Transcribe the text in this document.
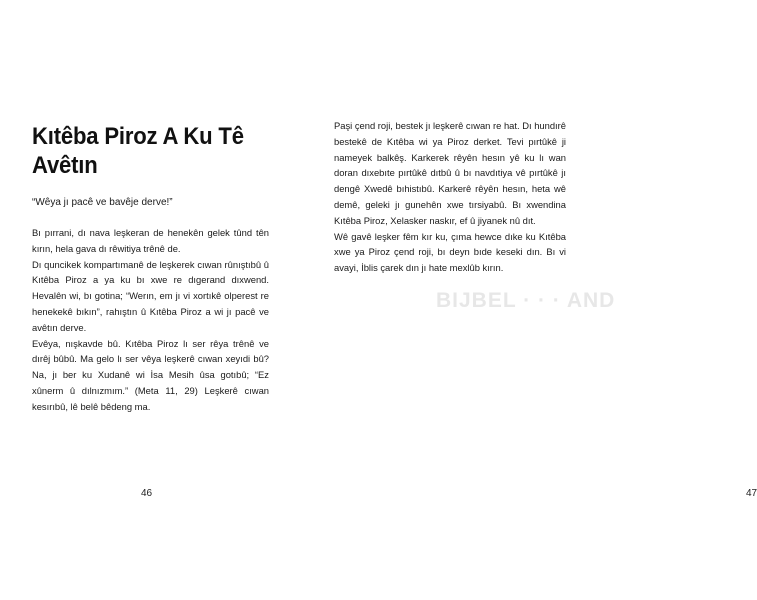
Kıtêba Piroz A Ku Tê Avêtın

“Wêya jı pacê ve bavêje derve!”

Bı pırrani, dı nava leşkeran de henekên gelek tûnd tên kırın, hela gava dı rêwitiya trênê de.

Dı quncikek kompartımanê de leşkerek cıwan rûnıştıbû û Kıtêba Piroz a ya ku bı xwe re dıgerand dıxwend. Hevalên wi, bı gotina; “Werın, em jı vi xortıkê olperest re henekekê bıkın”, rahıştın û Kıtêba Piroz a wi jı pacê ve avêtın derve.

Evêya, nışkavde bû. Kıtêba Piroz lı ser rêya trênê ve dırêj bûbû. Ma gelo lı ser vêya leşkerê cıwan xeyıdi bû? Na, jı ber ku Xudanê wi İsa Mesih ûsa gotıbû; “Ez xûnerm û dılnızmım.” (Meta 11, 29) Leşkerê cıwan kesırıbû, lê belê bêdeng ma.

46	47

Paşi çend roji, bestek jı leşkerê cıwan re hat. Dı hundırê bestekê de Kıtêba wi ya Piroz derket. Tevi pırtûkê ji nameyek balkêş. Karkerek rêyên hesın yê ku lı wan doran dıxebıte pırtûkê dıtbû û bı navdıtiya vê pırtûkê jı dengê Xwedê bıhistıbû. Karkerê rêyên hesın, heta wê demê, geleki jı gunehên xwe tırsiyabû. Bı xwendina Kıtêba Piroz, Xelasker naskır, ef û jiyanek nû dıt.

Wê gavê leşker fêm kır ku, çıma hewce dıke ku Kıtêba xwe ya Piroz çend roji, bı deyn bıde keseki dın. Bı vi avayi, İblis çarek dın jı hate mexlûb kırın.

BIJBEL · · · AND
